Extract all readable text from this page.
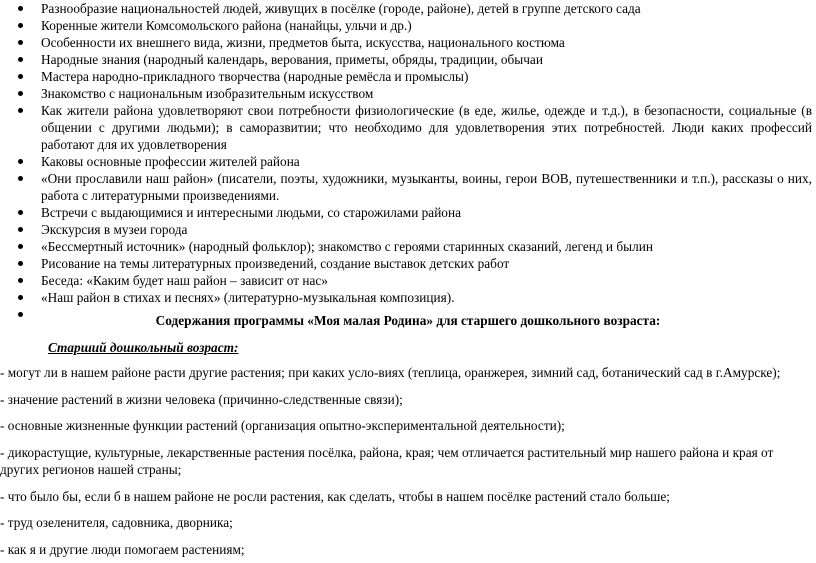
Разнообразие национальностей людей, живущих в посёлке (городе, районе), детей в группе детского сада
Коренные жители Комсомольского района (нанайцы, ульчи и др.)
Особенности их внешнего вида, жизни, предметов быта, искусства, национального костюма
Народные знания (народный календарь, верования, приметы, обряды, традиции, обычаи
Мастера народно-прикладного творчества (народные ремёсла и промыслы)
Знакомство с национальным изобразительным искусством
Как жители района удовлетворяют свои потребности физиологические (в еде, жилье, одежде и т.д.), в безопасности, социальные (в общении с другими людьми); в саморазвитии; что необходимо для удовлетворения этих потребностей. Люди каких профессий работают для их удовлетворения
Каковы основные профессии жителей района
«Они прославили наш район» (писатели, поэты, художники, музыканты, воины, герои ВОВ, путешественники и т.п.), рассказы о них, работа с литературными произведениями.
Встречи с выдающимися и интересными людьми, со старожилами района
Экскурсия в музеи города
«Бессмертный источник» (народный фольклор); знакомство с героями старинных сказаний, легенд и былин
Рисование на темы литературных произведений, создание выставок детских работ
Беседа: «Каким будет наш район – зависит от нас»
«Наш район в стихах и песнях» (литературно-музыкальная композиция).

Содержания программы «Моя малая Родина» для старшего дошкольного возраста:
Старший дошкольный возраст:

- могут ли в нашем районе расти другие растения; при каких усло-виях (теплица, оранжерея, зимний сад, ботанический сад в г.Амурске);

- значение растений в жизни человека (причинно-следственные связи);

- основные жизненные функции растений (организация опытно-экспериментальной деятельности);

- дикорастущие, культурные, лекарственные растения посёлка, района, края; чем отличается растительный мир нашего района и края от других регионов нашей страны;

- что было бы, если б в нашем районе не росли растения, как сделать, чтобы в нашем посёлке растений стало больше;

- труд озеленителя, садовника, дворника;

- как я и другие люди помогаем растениям;
